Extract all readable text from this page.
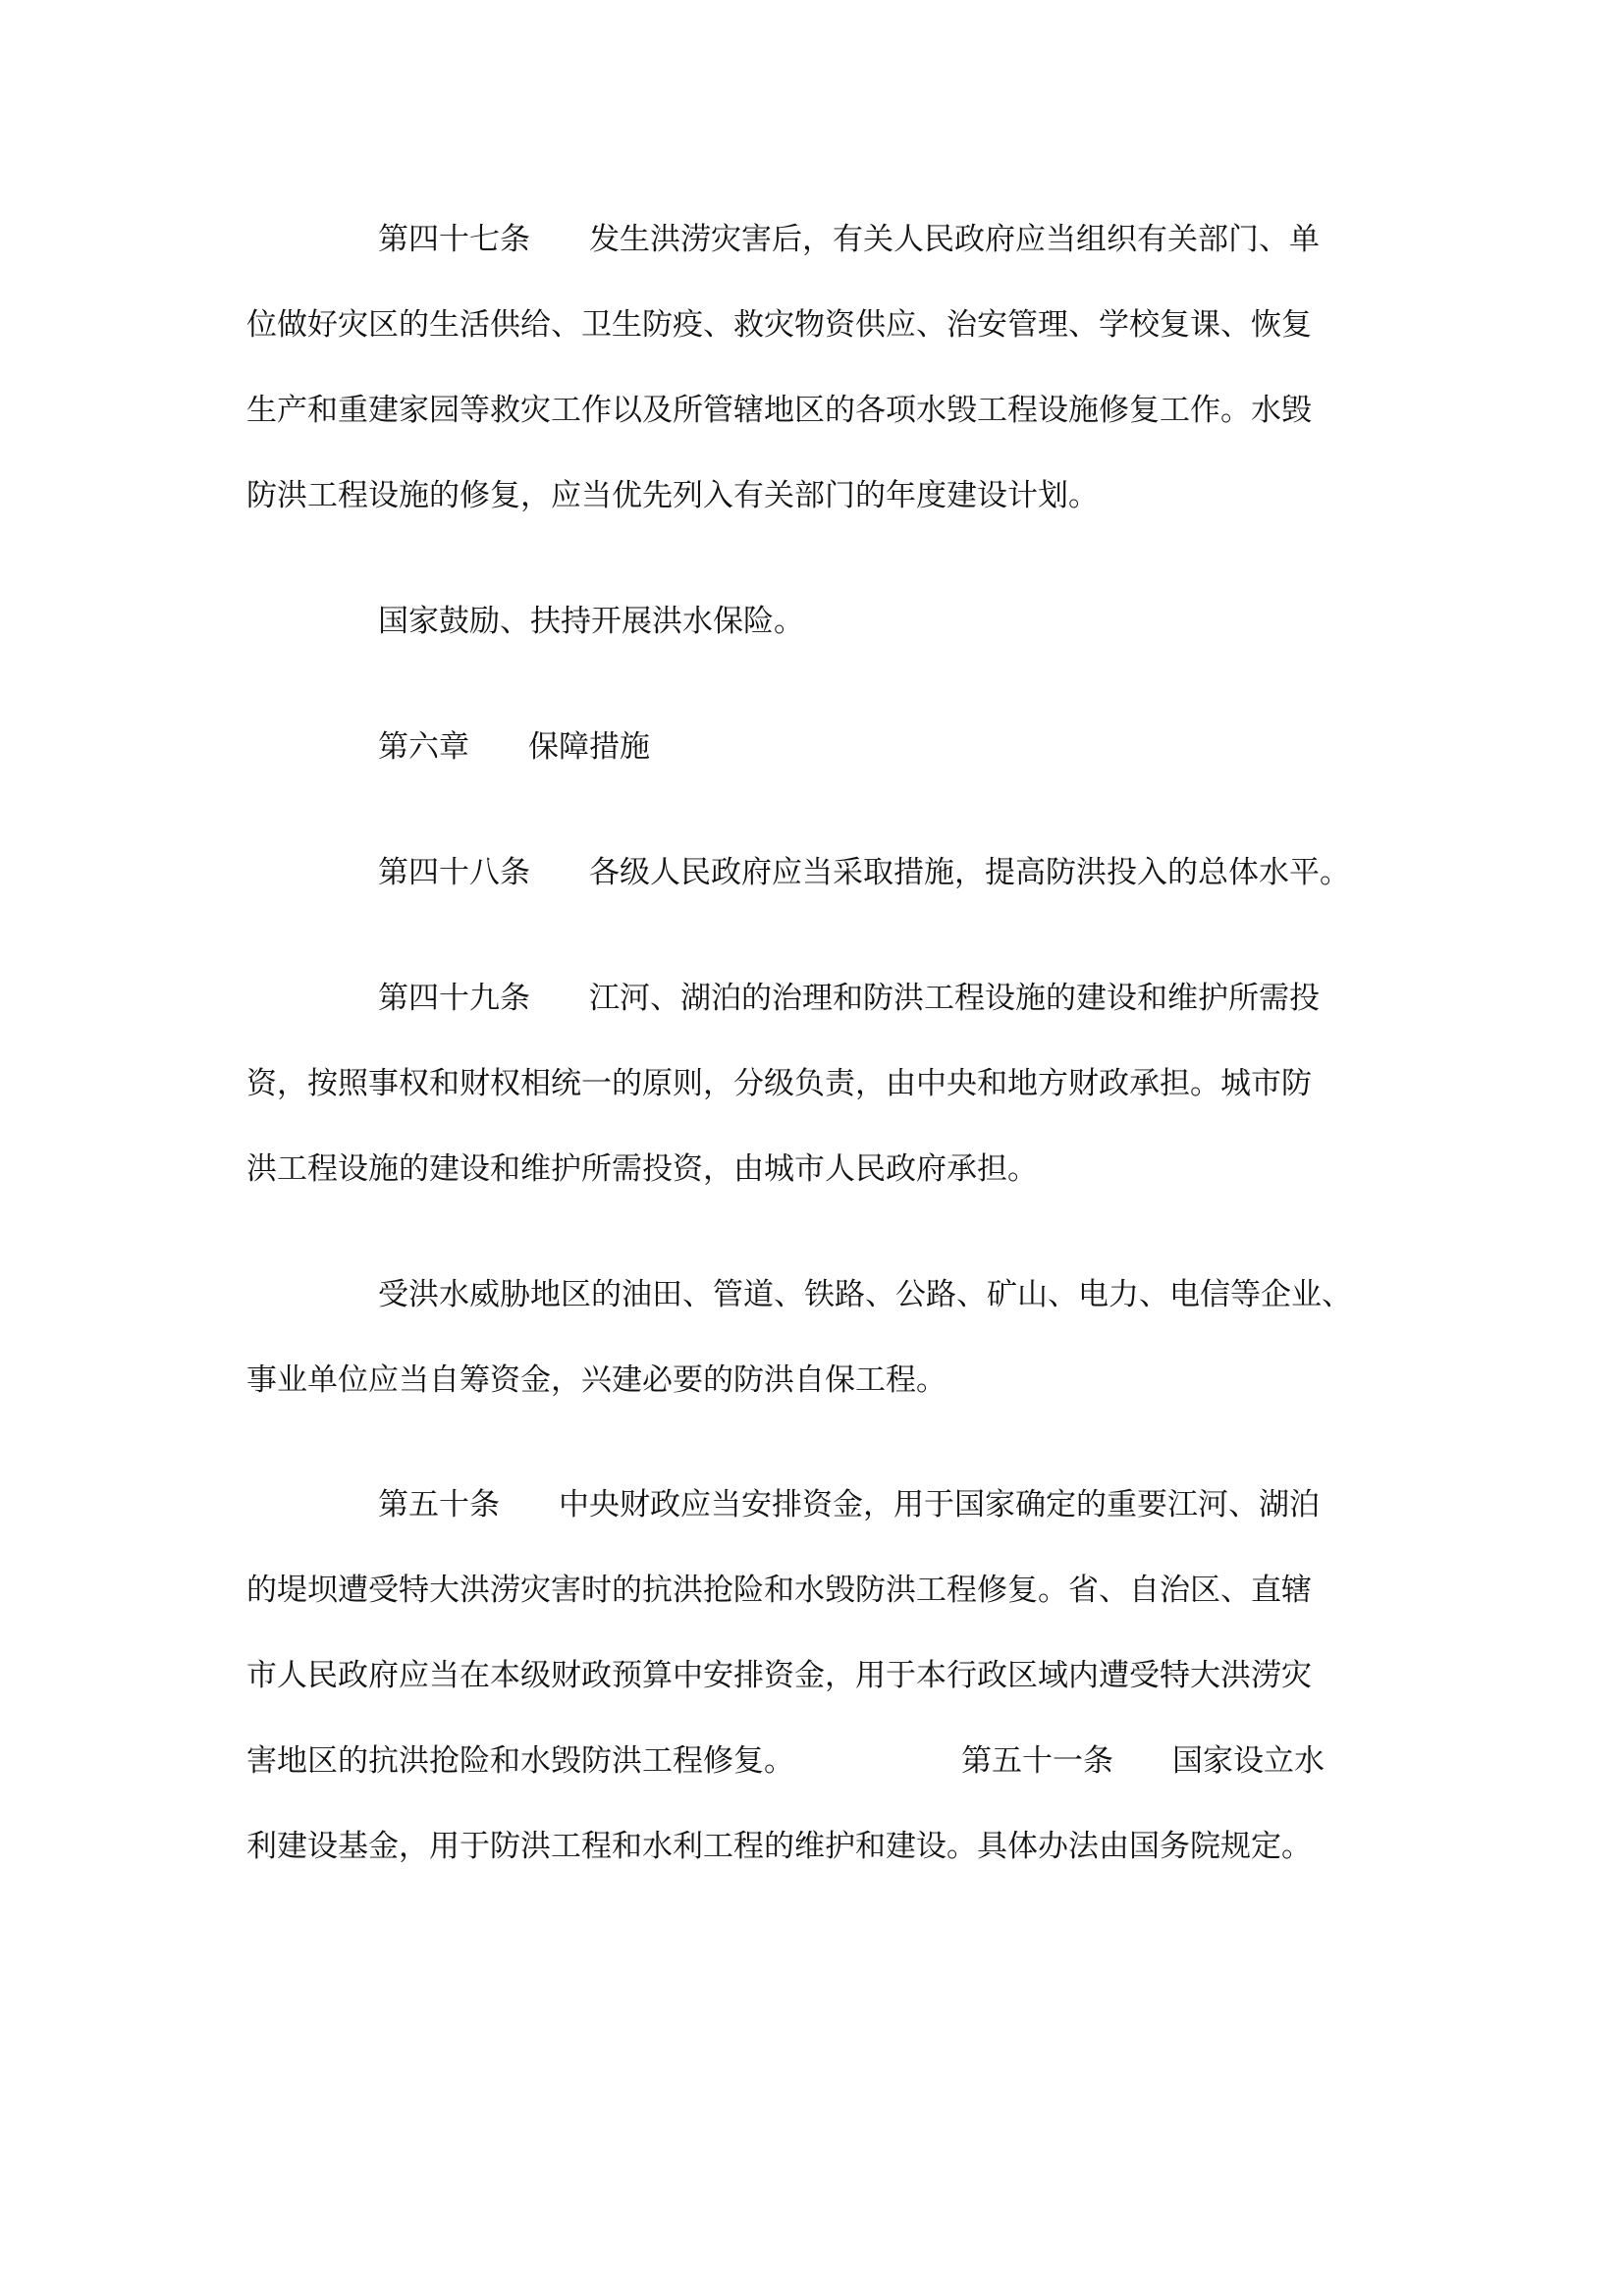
第四十七条 发生洪涝灾害后，有关人民政府应当组织有关部门、单

位做好灾区的生活供给、卫生防疫、救灾物资供应、治安管理、学校复课、恢复

生产和重建家园等救灾工作以及所管辖地区的各项水毁工程设施修复工作。水毁

防洪工程设施的修复，应当优先列入有关部门的年度建设计划。

国家鼓励、扶持开展洪水保险。

第六章 保障措施

第四十八条 各级人民政府应当采取措施，提高防洪投入的总体水平。

第四十九条 江河、湖泊的治理和防洪工程设施的建设和维护所需投

资，按照事权和财权相统一的原则，分级负责，由中央和地方财政承担。城市防

洪工程设施的建设和维护所需投资，由城市人民政府承担。

受洪水威胁地区的油田、管道、铁路、公路、矿山、电力、电信等企业、

事业单位应当自筹资金，兴建必要的防洪自保工程。

第五十条 中央财政应当安排资金，用于国家确定的重要江河、湖泊

的堤坝遭受特大洪涝灾害时的抗洪抢险和水毁防洪工程修复。省、自治区、直辖

市人民政府应当在本级财政预算中安排资金，用于本行政区域内遭受特大洪涝灾

害地区的抗洪抢险和水毁防洪工程修复。	第五十一条 国家设立水

利建设基金，用于防洪工程和水利工程的维护和建设。具体办法由国务院规定。
